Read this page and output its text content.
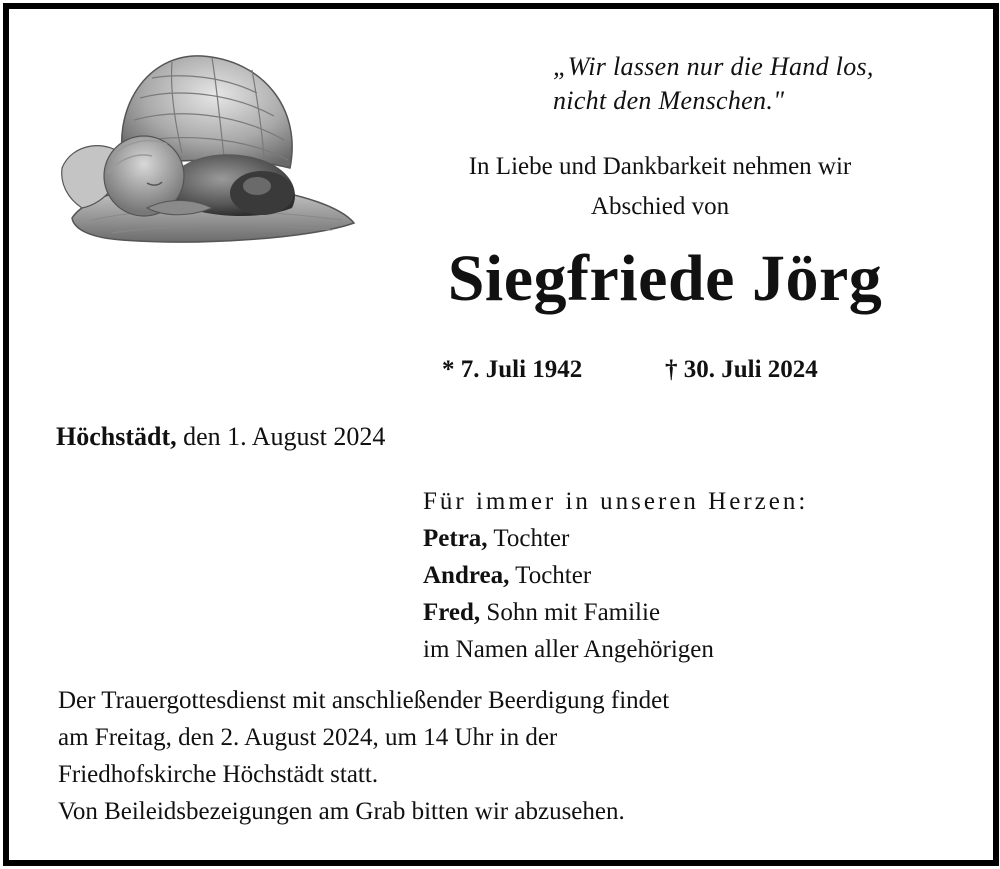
„Wir lassen nur die Hand los,
nicht den Menschen."
In Liebe und Dankbarkeit nehmen wir
Abschied von
Siegfriede Jörg
* 7. Juli 1942	† 30. Juli 2024
Höchstädt, den 1. August 2024
Für immer in unseren Herzen:
Petra, Tochter
Andrea, Tochter
Fred, Sohn mit Familie
im Namen aller Angehörigen
Der Trauergottesdienst mit anschließender Beerdigung findet
am Freitag, den 2. August 2024, um 14 Uhr in der
Friedhofskirche Höchstädt statt.
Von Beileidsbezeigungen am Grab bitten wir abzusehen.
